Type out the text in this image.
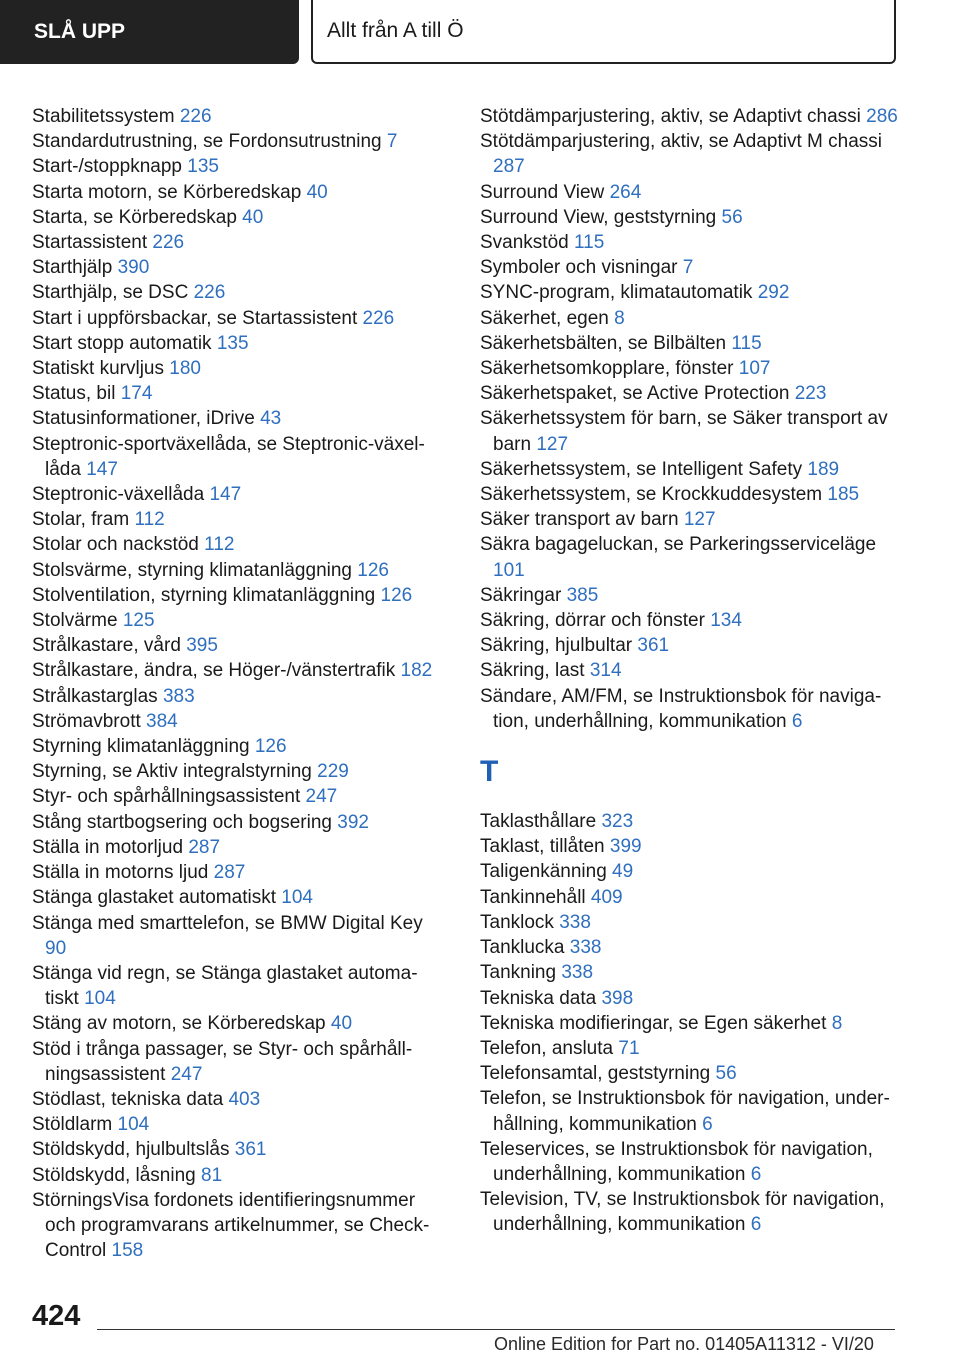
SLÅ UPP	Allt från A till Ö
Stabilitetssystem 226
Standardutrustning, se Fordonsutrustning 7
Start-/stoppknapp 135
Starta motorn, se Körberedskap 40
Starta, se Körberedskap 40
Startassistent 226
Starthjälp 390
Starthjälp, se DSC 226
Start i uppförsbackar, se Startassistent 226
Start stopp automatik 135
Statiskt kurvljus 180
Status, bil 174
Statusinformationer, iDrive 43
Steptronic-sportväxellåda, se Steptronic-växellåda 147
Steptronic-växellåda 147
Stolar, fram 112
Stolar och nackstöd 112
Stolsvärme, styrning klimatanläggning 126
Stolventilation, styrning klimatanläggning 126
Stolvärme 125
Strålkastare, vård 395
Strålkastare, ändra, se Höger-/vänstertrafik 182
Strålkastarglas 383
Strömavbrott 384
Styrning klimatanläggning 126
Styrning, se Aktiv integralstyrning 229
Styr- och spårhållningsassistent 247
Stång startbogsering och bogsering 392
Ställa in motorljud 287
Ställa in motorns ljud 287
Stänga glastaket automatiskt 104
Stänga med smarttelefon, se BMW Digital Key 90
Stänga vid regn, se Stänga glastaket automatiskt 104
Stäng av motorn, se Körberedskap 40
Stöd i trånga passager, se Styr- och spårhållningsassistent 247
Stödlast, tekniska data 403
Stöldlarm 104
Stöldskydd, hjulbultslås 361
Stöldskydd, låsning 81
StörningsVisa fordonets identifieringsnummer och programvarans artikelnummer, se Check-Control 158
Stötdämparjustering, aktiv, se Adaptivt chassi 286
Stötdämparjustering, aktiv, se Adaptivt M chassi 287
Surround View 264
Surround View, geststyrning 56
Svankstöd 115
Symboler och visningar 7
SYNC-program, klimatautomatik 292
Säkerhet, egen 8
Säkerhetsbälten, se Bilbälten 115
Säkerhetsomkopplare, fönster 107
Säkerhetspaket, se Active Protection 223
Säkerhetssystem för barn, se Säker transport av barn 127
Säkerhetssystem, se Intelligent Safety 189
Säkerhetssystem, se Krockkuddesystem 185
Säker transport av barn 127
Säkra bagageluckan, se Parkeringsserviceläge 101
Säkringar 385
Säkring, dörrar och fönster 134
Säkring, hjulbultar 361
Säkring, last 314
Sändare, AM/FM, se Instruktionsbok för navigation, underhållning, kommunikation 6
T
Taklasthållare 323
Taklast, tillåten 399
Taligenkänning 49
Tankinnehåll 409
Tanklock 338
Tanklucka 338
Tankning 338
Tekniska data 398
Tekniska modifieringar, se Egen säkerhet 8
Telefon, ansluta 71
Telefonsamtal, geststyrning 56
Telefon, se Instruktionsbok för navigation, underhållning, kommunikation 6
Teleservices, se Instruktionsbok för navigation, underhållning, kommunikation 6
Television, TV, se Instruktionsbok för navigation, underhållning, kommunikation 6
424
Online Edition for Part no. 01405A11312 - VI/20
